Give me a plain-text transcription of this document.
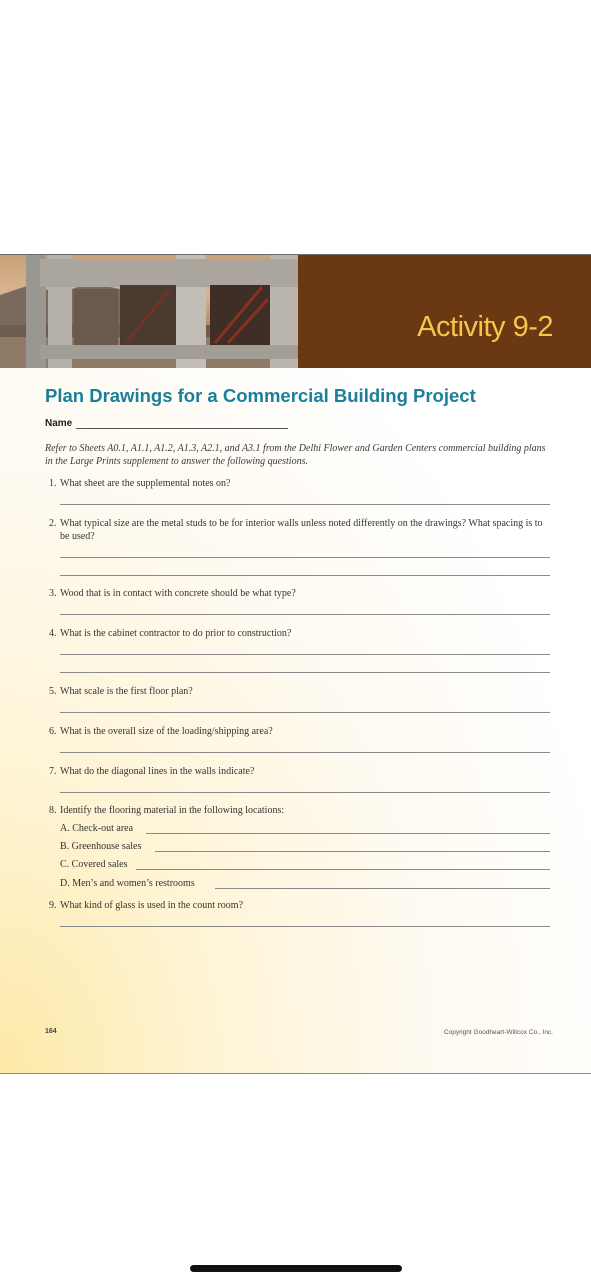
Activity 9-2
Plan Drawings for a Commercial Building Project
Name
Refer to Sheets A0.1, A1.1, A1.2, A1.3, A2.1, and A3.1 from the Delhi Flower and Garden Centers commercial building plans in the Large Prints supplement to answer the following questions.
1. What sheet are the supplemental notes on?
2. What typical size are the metal studs to be for interior walls unless noted differently on the drawings? What spacing is to be used?
3. Wood that is in contact with concrete should be what type?
4. What is the cabinet contractor to do prior to construction?
5. What scale is the first floor plan?
6. What is the overall size of the loading/shipping area?
7. What do the diagonal lines in the walls indicate?
8. Identify the flooring material in the following locations:
A. Check-out area
B. Greenhouse sales
C. Covered sales
D. Men’s and women’s restrooms
9. What kind of glass is used in the count room?
164	Copyright Goodheart-Willcox Co., Inc.
